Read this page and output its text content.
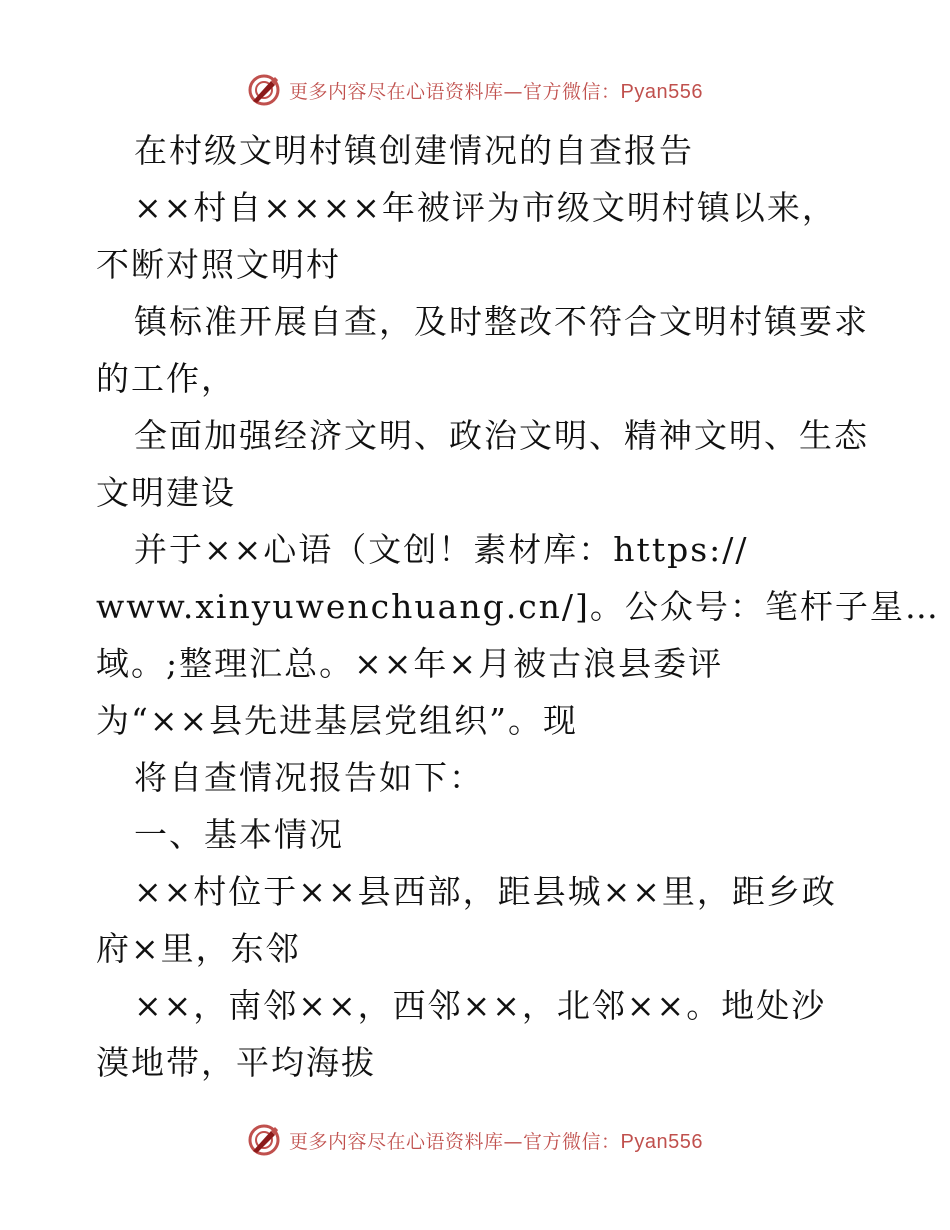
更多内容尽在心语资料库—官方微信：Pyan556
在村级文明村镇创建情况的自查报告
××村自××××年被评为市级文明村镇以来，
不断对照文明村
镇标准开展自查，及时整改不符合文明村镇要求
的工作，
全面加强经济文明、政治文明、精神文明、生态
文明建设
并于××心语（文创！素材库：https://
www.xinyuwenchuang.cn/]。公众号：笔杆子星…
域。;整理汇总。××年×月被古浪县委评
为“××县先进基层党组织”。现
将自查情况报告如下：
一、基本情况
××村位于××县西部，距县城××里，距乡政
府×里，东邻
××，南邻××，西邻××，北邻××。地处沙
漠地带，平均海拔
更多内容尽在心语资料库—官方微信：Pyan556
